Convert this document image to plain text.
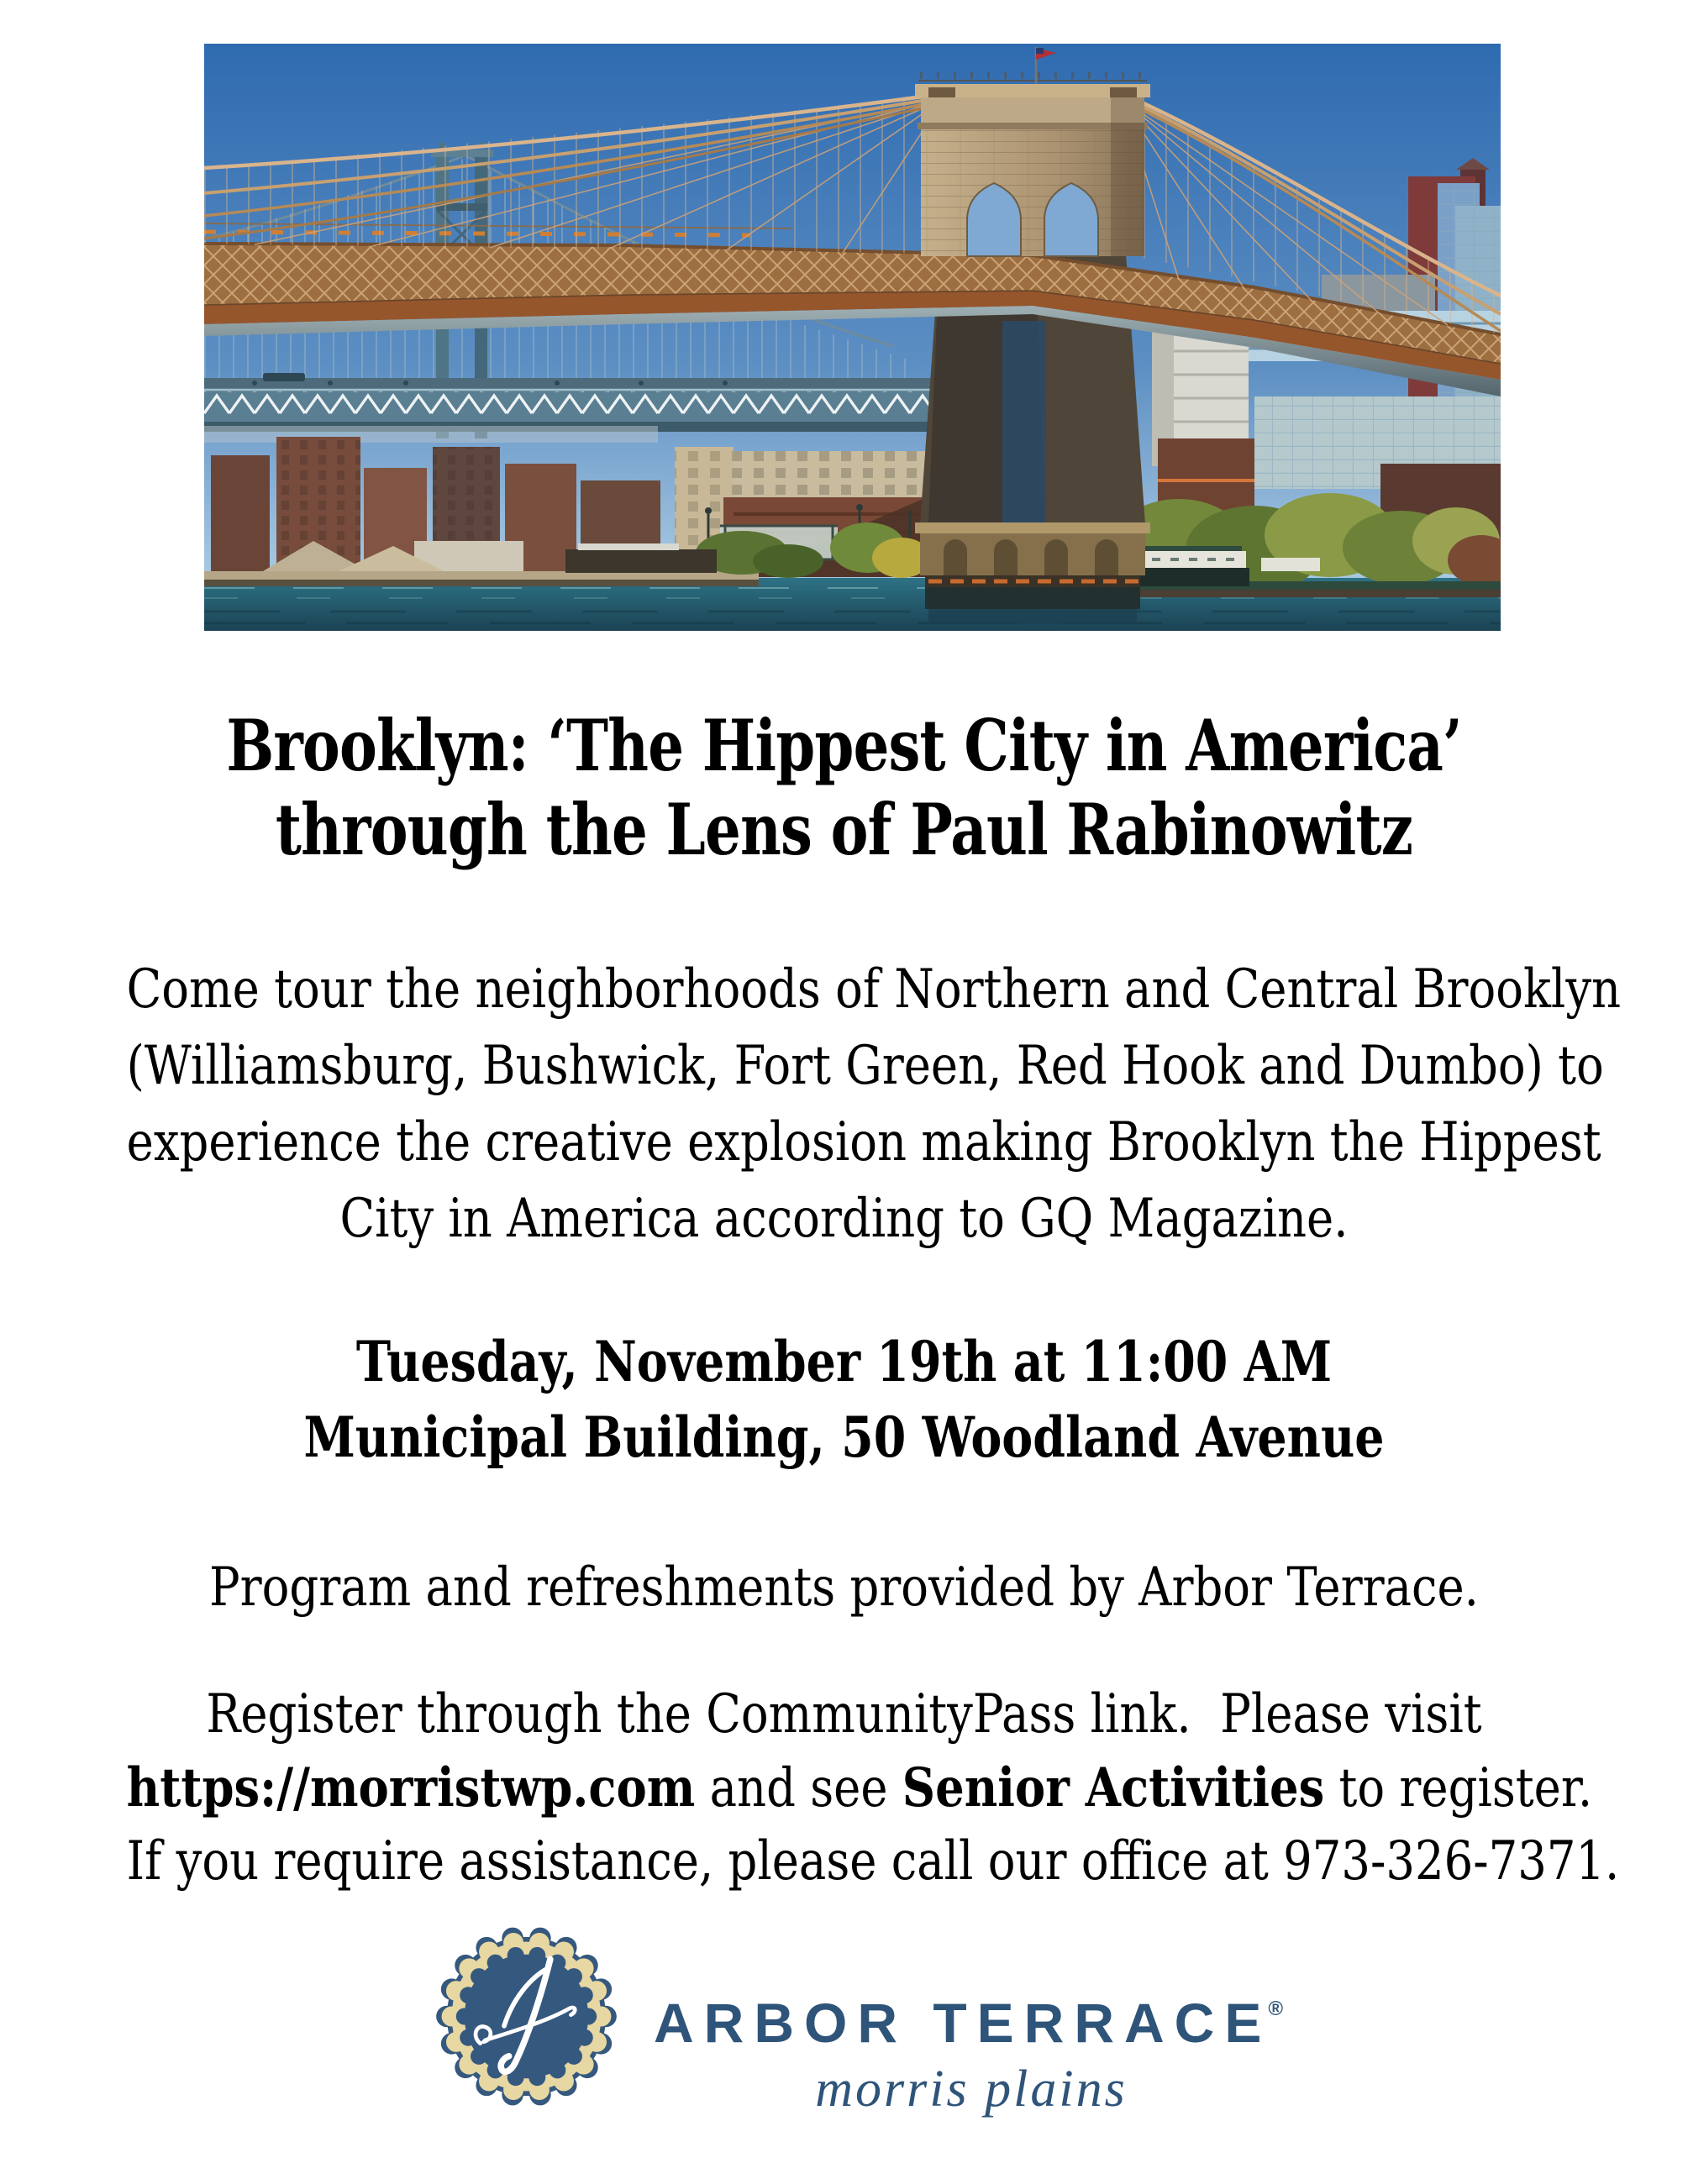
Brooklyn: ‘The Hippest City in America’
through the Lens of Paul Rabinowitz
Come tour the neighborhoods of Northern and Central Brooklyn
(Williamsburg, Bushwick, Fort Green, Red Hook and Dumbo) to
experience the creative explosion making Brooklyn the Hippest
City in America according to GQ Magazine.
Tuesday, November 19th at 11:00 AM
Municipal Building, 50 Woodland Avenue
Program and refreshments provided by Arbor Terrace.
Register through the CommunityPass link.  Please visit
https://morristwp.com and see Senior Activities to register.
If you require assistance, please call our office at 973-326-7371.
ARBOR TERRACE®
morris plains
